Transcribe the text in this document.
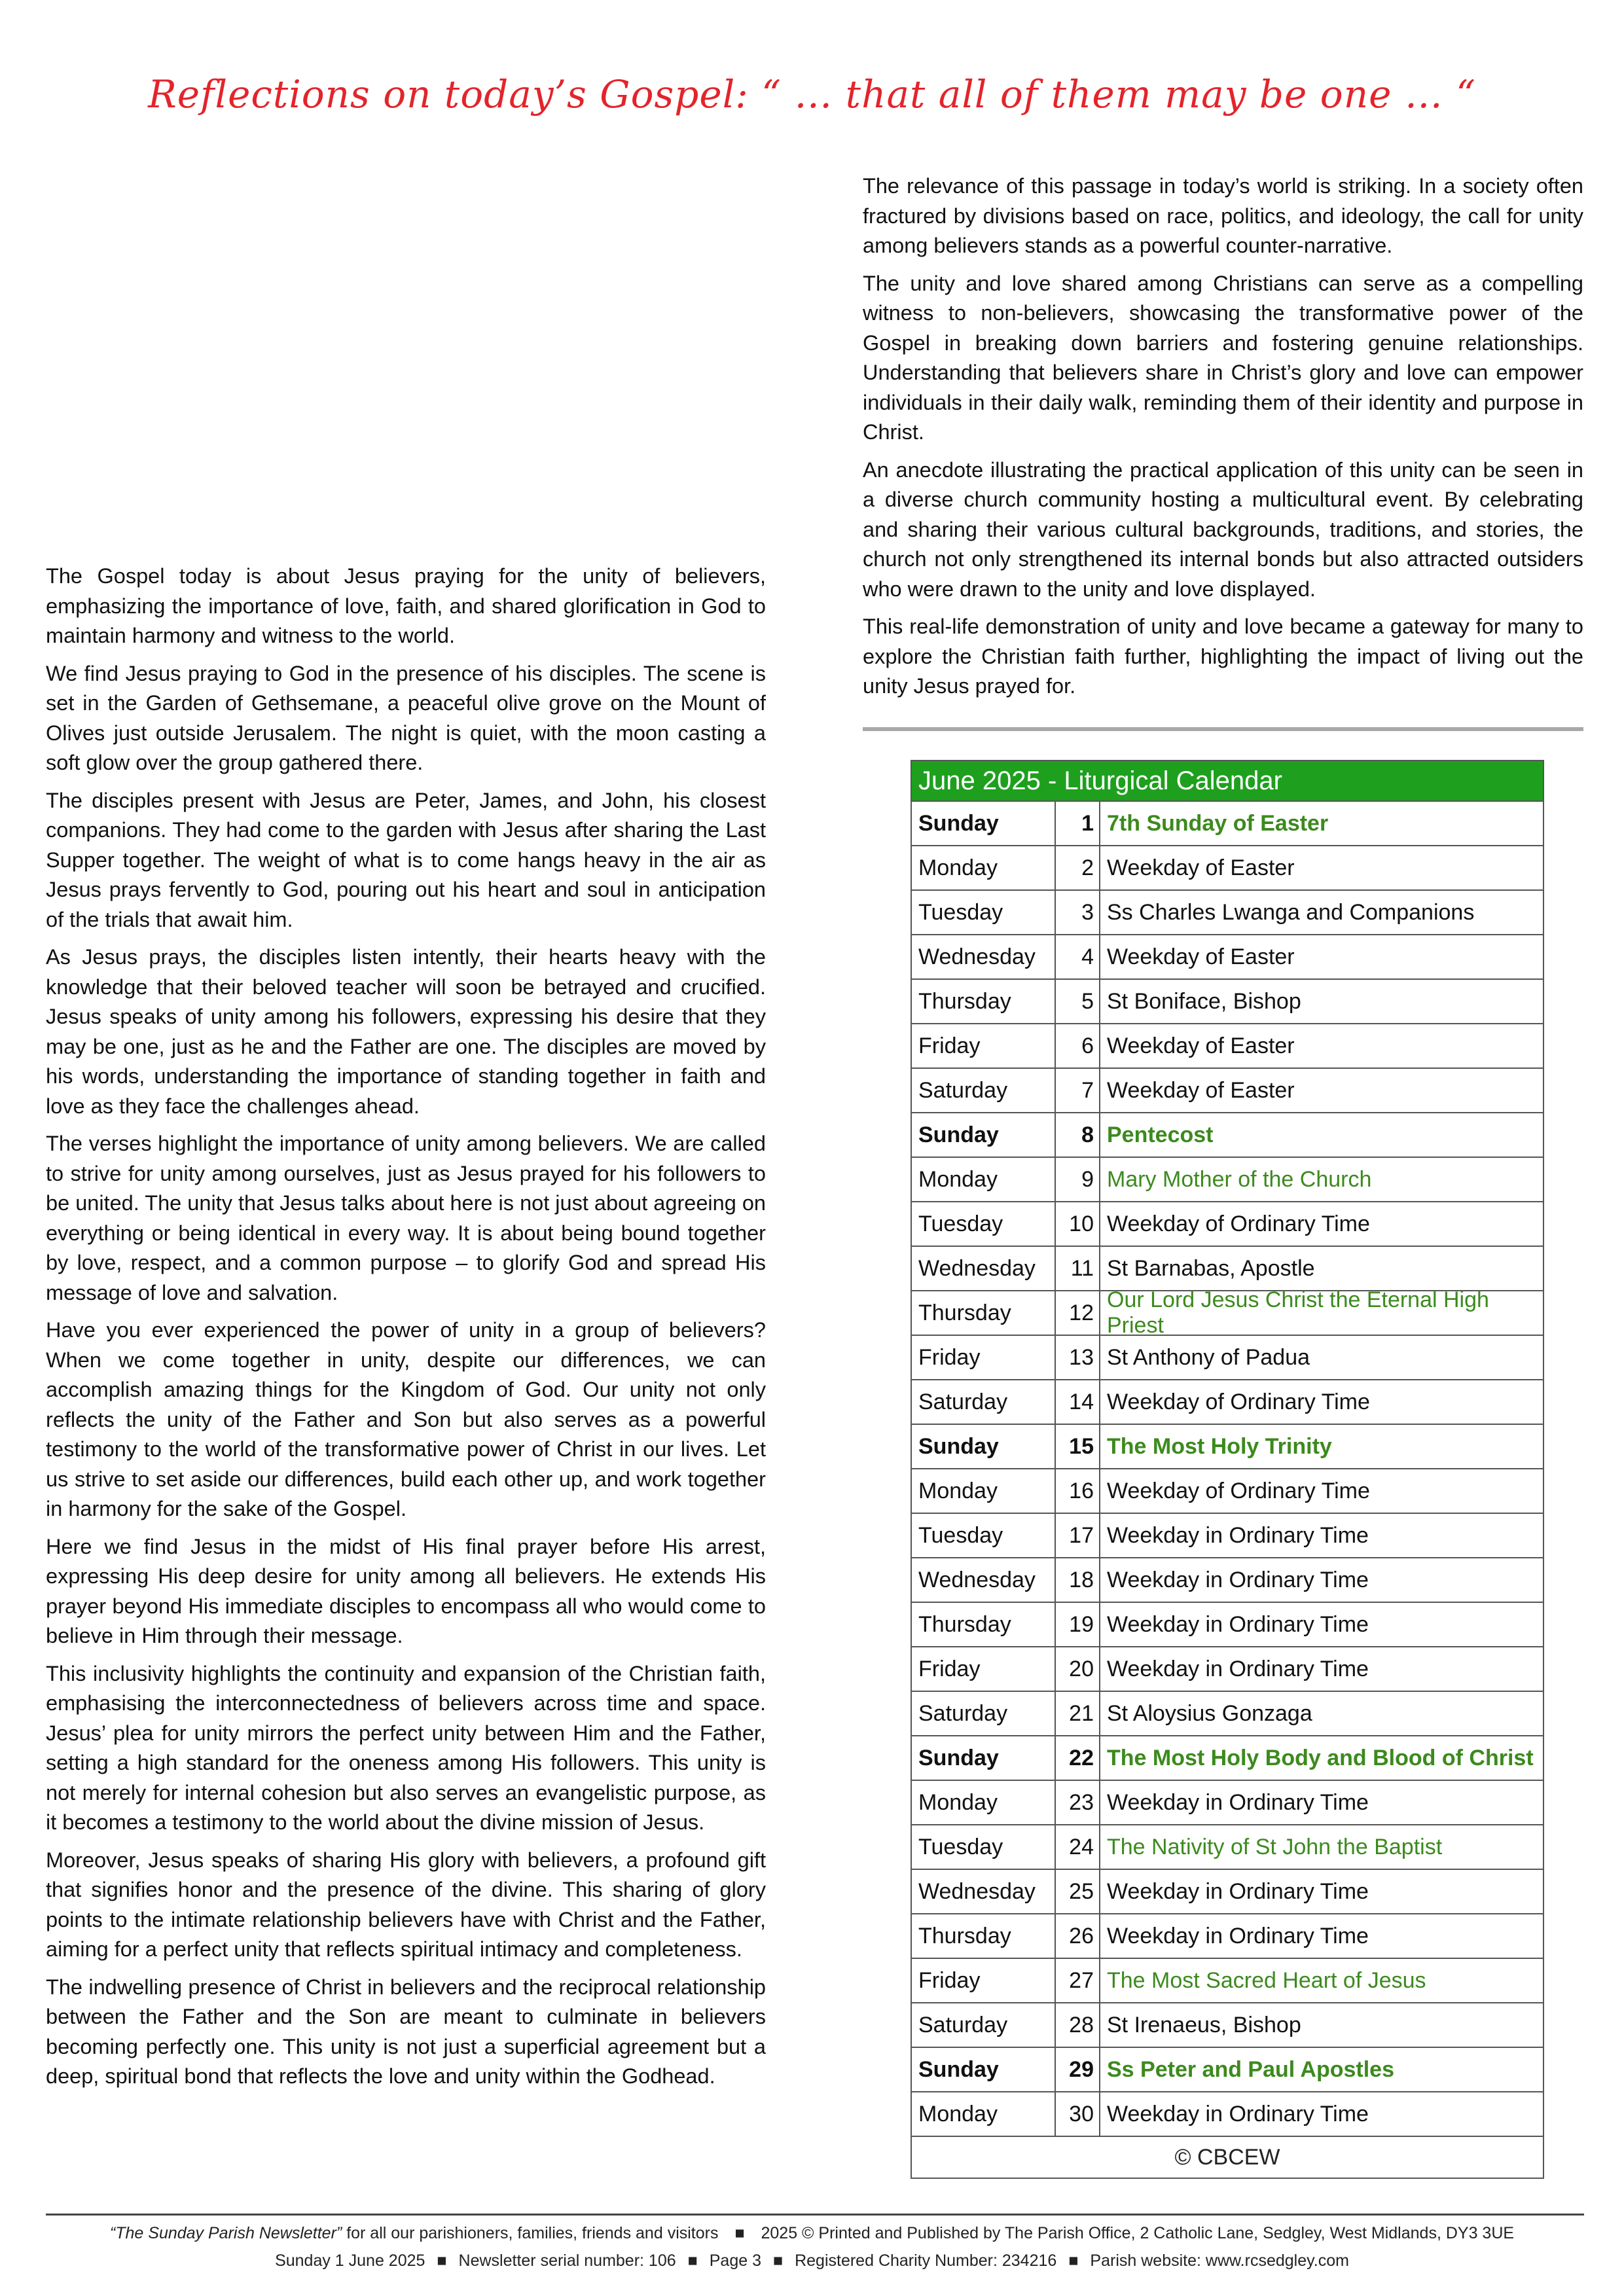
Reflections on today’s Gospel: “ … that all of them may be one … “

The Gospel today is about Jesus praying for the unity of believers, emphasizing the importance of love, faith, and shared glorification in God to maintain harmony and witness to the world.

We find Jesus praying to God in the presence of his disciples. The scene is set in the Garden of Gethsemane, a peaceful olive grove on the Mount of Olives just outside Jerusalem. The night is quiet, with the moon casting a soft glow over the group gathered there.

The disciples present with Jesus are Peter, James, and John, his closest companions. They had come to the garden with Jesus after sharing the Last Supper together. The weight of what is to come hangs heavy in the air as Jesus prays fervently to God, pouring out his heart and soul in anticipation of the trials that await him.

As Jesus prays, the disciples listen intently, their hearts heavy with the knowledge that their beloved teacher will soon be betrayed and crucified. Jesus speaks of unity among his followers, expressing his desire that they may be one, just as he and the Father are one. The disciples are moved by his words, understanding the importance of standing together in faith and love as they face the challenges ahead.

The verses highlight the importance of unity among believers. We are called to strive for unity among ourselves, just as Jesus prayed for his followers to be united. The unity that Jesus talks about here is not just about agreeing on everything or being identical in every way. It is about being bound together by love, respect, and a common purpose – to glorify God and spread His message of love and salvation.

Have you ever experienced the power of unity in a group of believers? When we come together in unity, despite our differences, we can accomplish amazing things for the Kingdom of God. Our unity not only reflects the unity of the Father and Son but also serves as a powerful testimony to the world of the transformative power of Christ in our lives. Let us strive to set aside our differences, build each other up, and work together in harmony for the sake of the Gospel.

Here we find Jesus in the midst of His final prayer before His arrest, expressing His deep desire for unity among all believers. He extends His prayer beyond His immediate disciples to encompass all who would come to believe in Him through their message.

This inclusivity highlights the continuity and expansion of the Christian faith, emphasising the interconnectedness of believers across time and space. Jesus’ plea for unity mirrors the perfect unity between Him and the Father, setting a high standard for the oneness among His followers. This unity is not merely for internal cohesion but also serves an evangelistic purpose, as it becomes a testimony to the world about the divine mission of Jesus.

Moreover, Jesus speaks of sharing His glory with believers, a profound gift that signifies honor and the presence of the divine. This sharing of glory points to the intimate relationship believers have with Christ and the Father, aiming for a perfect unity that reflects spiritual intimacy and completeness.

The indwelling presence of Christ in believers and the reciprocal relationship between the Father and the Son are meant to culminate in believers becoming perfectly one. This unity is not just a superficial agreement but a deep, spiritual bond that reflects the love and unity within the Godhead.

The relevance of this passage in today’s world is striking. In a society often fractured by divisions based on race, politics, and ideology, the call for unity among believers stands as a powerful counter-narrative.

The unity and love shared among Christians can serve as a compelling witness to non-believers, showcasing the transformative power of the Gospel in breaking down barriers and fostering genuine relationships. Understanding that believers share in Christ’s glory and love can empower individuals in their daily walk, reminding them of their identity and purpose in Christ.

An anecdote illustrating the practical application of this unity can be seen in a diverse church community hosting a multicultural event. By celebrating and sharing their various cultural backgrounds, traditions, and stories, the church not only strengthened its internal bonds but also attracted outsiders who were drawn to the unity and love displayed.

This real-life demonstration of unity and love became a gateway for many to explore the Christian faith further, highlighting the impact of living out the unity Jesus prayed for.

June 2025 - Liturgical Calendar
Sunday	1 7th Sunday of Easter
Monday	2 Weekday of Easter
Tuesday	3 Ss Charles Lwanga and Companions
Wednesday	4 Weekday of Easter
Thursday	5 St Boniface, Bishop
Friday	6 Weekday of Easter
Saturday	7 Weekday of Easter
Sunday	8 Pentecost
Monday	9 Mary Mother of the Church
Tuesday	10 Weekday of Ordinary Time
Wednesday	11 St Barnabas, Apostle
Thursday	12
Our Lord Jesus Christ the Eternal High Priest
Friday	13 St Anthony of Padua
Saturday	14 Weekday of Ordinary Time
Sunday	15 The Most Holy Trinity
Monday	16 Weekday of Ordinary Time
Tuesday	17 Weekday in Ordinary Time
Wednesday	18 Weekday in Ordinary Time
Thursday	19 Weekday in Ordinary Time
Friday	20 Weekday in Ordinary Time
Saturday	21 St Aloysius Gonzaga
Sunday	22 The Most Holy Body and Blood of Christ
Monday	23 Weekday in Ordinary Time
Tuesday	24 The Nativity of St John the Baptist
Wednesday	25 Weekday in Ordinary Time
Thursday	26 Weekday in Ordinary Time
Friday	27 The Most Sacred Heart of Jesus
Saturday	28 St Irenaeus, Bishop
Sunday	29 Ss Peter and Paul Apostles
Monday	30 Weekday in Ordinary Time
© CBCEW
“The Sunday Parish Newsletter” for all our parishioners, families, friends and visitors ■ 2025 © Printed and Published by The Parish Office, 2 Catholic Lane, Sedgley, West Midlands, DY3 3UE
Sunday 1 June 2025 ■ Newsletter serial number: 106 ■ Page 3 ■ Registered Charity Number: 234216 ■ Parish website: www.rcsedgley.com
